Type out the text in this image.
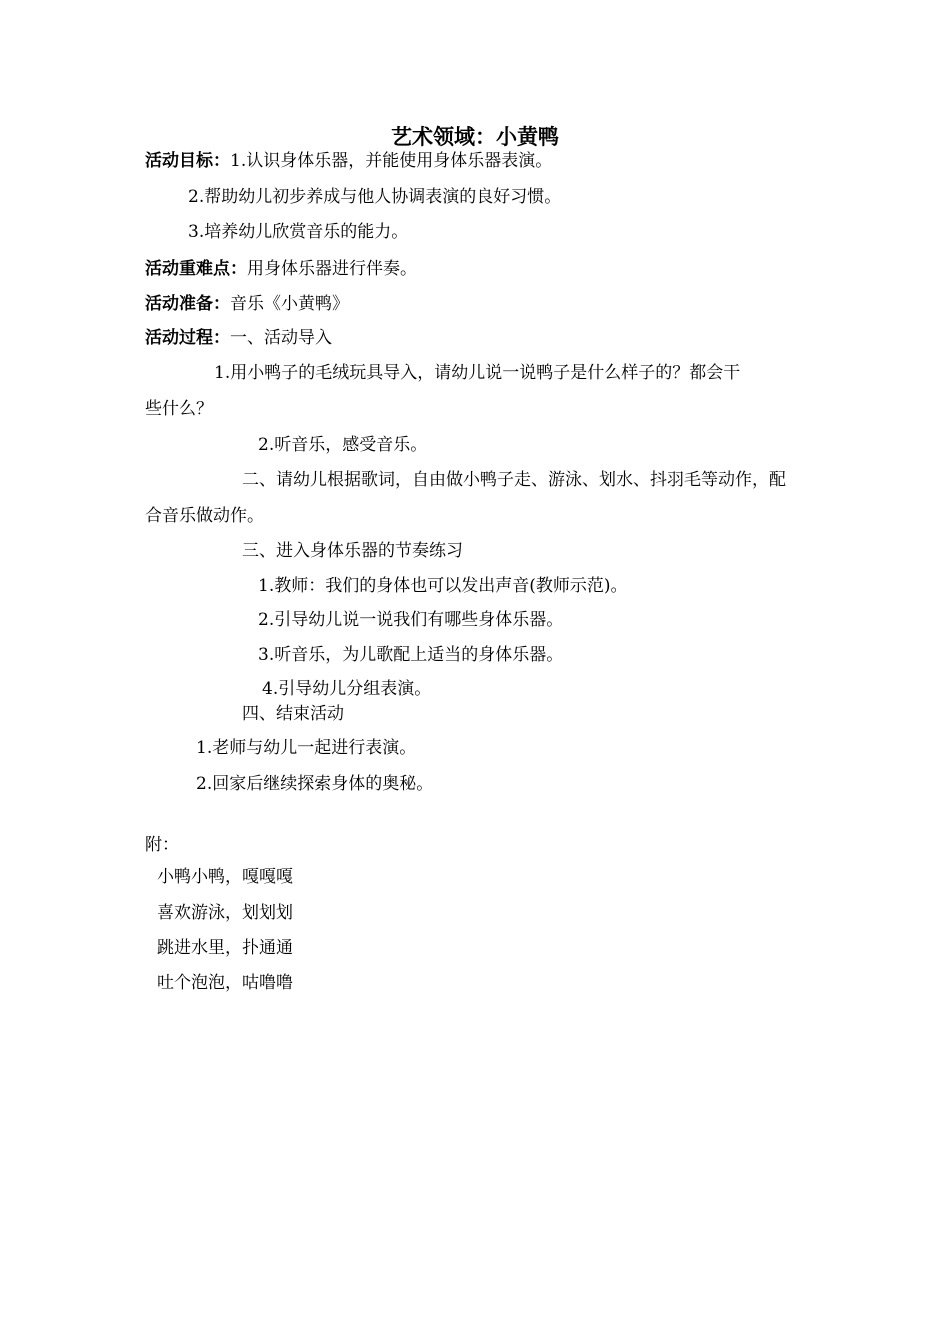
艺术领域：小黄鸭
活动目标：1.认识身体乐器，并能使用身体乐器表演。
2.帮助幼儿初步养成与他人协调表演的良好习惯。
3.培养幼儿欣赏音乐的能力。
活动重难点：用身体乐器进行伴奏。
活动准备：音乐《小黄鸭》
活动过程：一、活动导入
1.用小鸭子的毛绒玩具导入，请幼儿说一说鸭子是什么样子的？都会干
些什么？
2.听音乐，感受音乐。
二、请幼儿根据歌词，自由做小鸭子走、游泳、划水、抖羽毛等动作，配
合音乐做动作。
三、进入身体乐器的节奏练习
1.教师：我们的身体也可以发出声音(教师示范)。
2.引导幼儿说一说我们有哪些身体乐器。
3.听音乐，为儿歌配上适当的身体乐器。
4.引导幼儿分组表演。
四、结束活动
1.老师与幼儿一起进行表演。
2.回家后继续探索身体的奥秘。
附：
小鸭小鸭，嘎嘎嘎
喜欢游泳，划划划
跳进水里，扑通通
吐个泡泡，咕噜噜
